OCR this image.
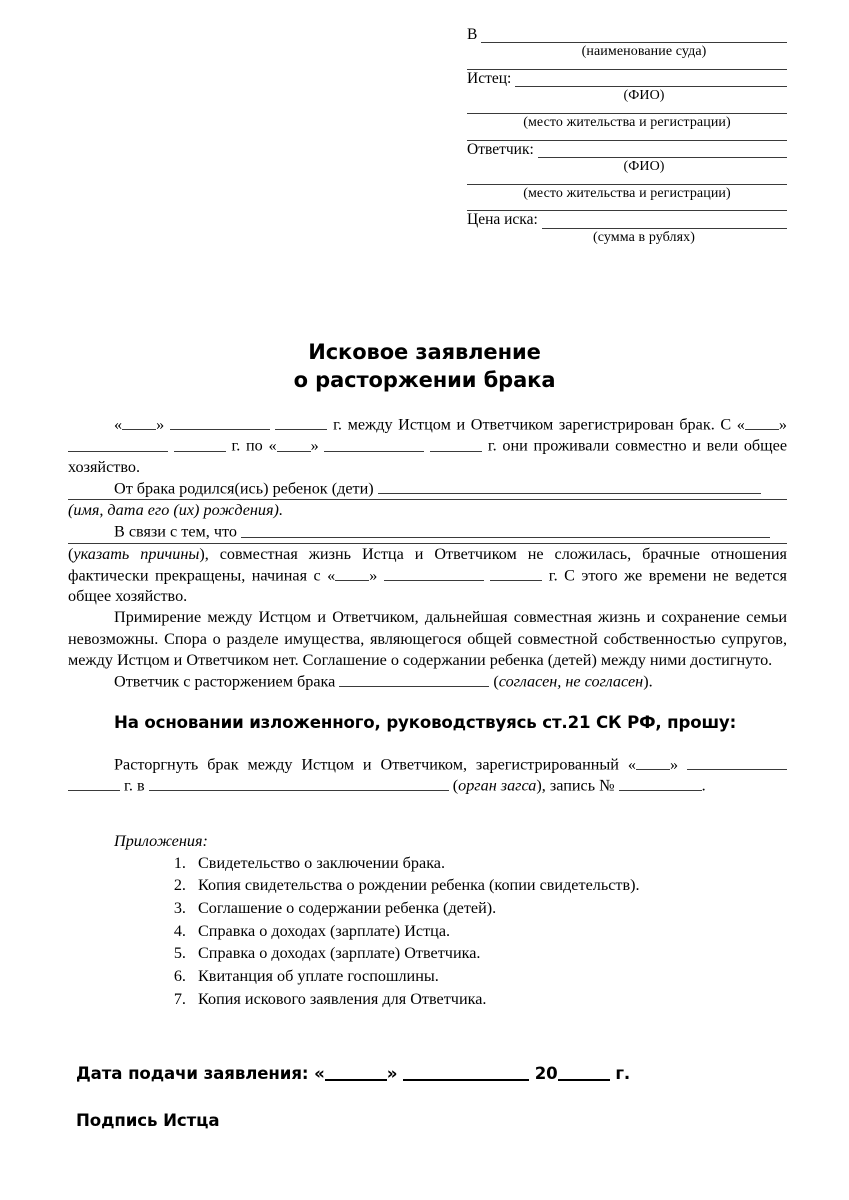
В
(наименование суда)
Истец:
(ФИО)
(место жительства и регистрации)
Ответчик:
(ФИО)
(место жительства и регистрации)
Цена иска:
(сумма в рублях)
Исковое заявление
о расторжении брака

« »	г. между Истцом и Ответчиком зарегистрирован брак. С « »   г. по « »	г. они проживали совместно и вели общее хозяйство.

От брака родился(ись) ребенок (дети)

(имя, дата его (их) рождения).

В связи с тем, что

(указать причины), совместная жизнь Истца и Ответчиком не сложилась, брачные отношения фактически прекращены, начиная с « »	г. С этого же времени не ведется общее хозяйство.

Примирение между Истцом и Ответчиком, дальнейшая совместная жизнь и сохранение семьи невозможны. Спора о разделе имущества, являющегося общей совместной собственностью супругов, между Истцом и Ответчиком нет. Соглашение о содержании ребенка (детей) между ними достигнуто.

Ответчик с расторжением брака	(согласен, не согласен).

На основании изложенного, руководствуясь ст.21 СК РФ, прошу:

Расторгнуть брак между Истцом и Ответчиком, зарегистрированный « »   г. в	(орган загса), запись №	.

Приложения:
1. Свидетельство о заключении брака.
2. Копия свидетельства о рождении ребенка (копии свидетельств).
3. Соглашение о содержании ребенка (детей).
4. Справка о доходах (зарплате) Истца.
5. Справка о доходах (зарплате) Ответчика.
6. Квитанция об уплате госпошлины.
7. Копия искового заявления для Ответчика.
Дата подачи заявления: «	»	20	г.
Подпись Истца
